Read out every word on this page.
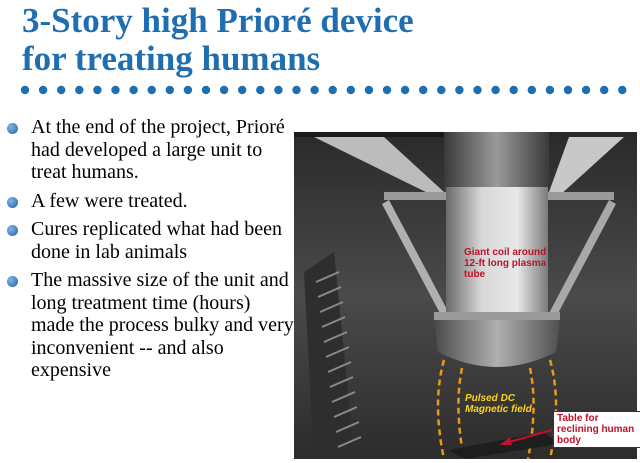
3-Story high Prioré device
for treating humans
At the end of the project, Prioré had developed a large unit to treat humans.
A few were treated.
Cures replicated what had been done in lab animals
The massive size of the unit and long treatment time (hours) made the process bulky and very inconvenient -- and also expensive
Giant coil around 12-ft long plasma tube
Pulsed DC Magnetic field
Table for reclining human body
